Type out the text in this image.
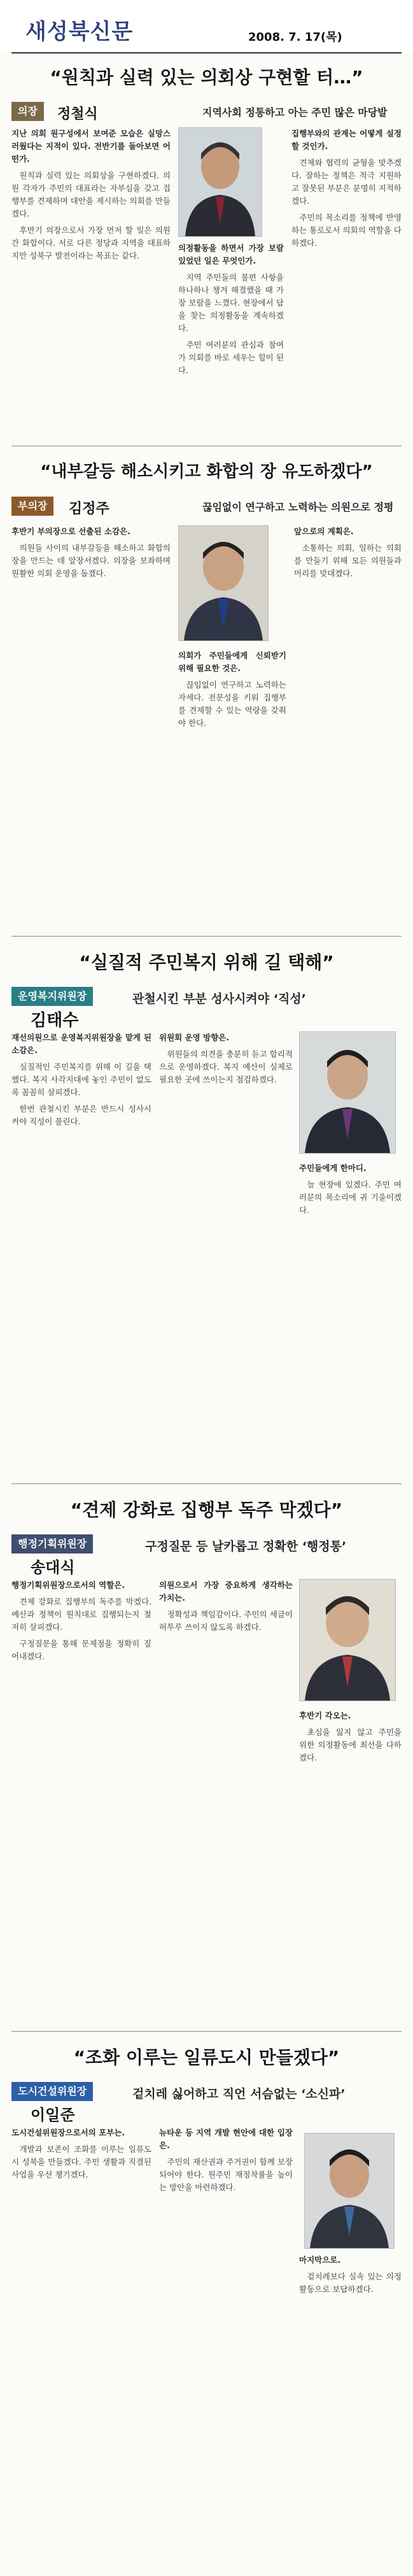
새성북신문	2008. 7. 17(목)
“원칙과 실력 있는 의회상 구현할 터…”
의장	정철식	지역사회 정통하고 아는 주민 많은 마당발

지난 의회 원구성에서 보여준 모습은 실망스러웠다는 지적이 있다. 전반기를 돌아보면 어떤가.

원칙과 실력 있는 의회상을 구현하겠다. 의원 각자가 주민의 대표라는 자부심을 갖고 집행부를 견제하며 대안을 제시하는 의회를 만들겠다.

후반기 의장으로서 가장 먼저 할 일은 의원간 화합이다. 서로 다른 정당과 지역을 대표하지만 성북구 발전이라는 목표는 같다.

의정활동을 하면서 가장 보람 있었던 일은 무엇인가.

지역 주민들의 불편 사항을 하나하나 챙겨 해결했을 때 가장 보람을 느꼈다. 현장에서 답을 찾는 의정활동을 계속하겠다.

주민 여러분의 관심과 참여가 의회를 바로 세우는 힘이 된다.

집행부와의 관계는 어떻게 설정할 것인가.

견제와 협력의 균형을 맞추겠다. 잘하는 정책은 적극 지원하고 잘못된 부분은 분명히 지적하겠다.

주민의 목소리를 정책에 반영하는 통로로서 의회의 역할을 다하겠다.

“내부갈등 해소시키고 화합의 장 유도하겠다”
부의장	김정주	끊임없이 연구하고 노력하는 의원으로 정평

후반기 부의장으로 선출된 소감은.

의원들 사이의 내부갈등을 해소하고 화합의 장을 만드는 데 앞장서겠다. 의장을 보좌하며 원활한 의회 운영을 돕겠다.

의회가 주민들에게 신뢰받기 위해 필요한 것은.

끊임없이 연구하고 노력하는 자세다. 전문성을 키워 집행부를 견제할 수 있는 역량을 갖춰야 한다.

앞으로의 계획은.

소통하는 의회, 일하는 의회를 만들기 위해 모든 의원들과 머리를 맞대겠다.

“실질적 주민복지 위해 길 택해”
운영복지위원장
김태수
관철시킨 부분 성사시켜야 ‘직성’

재선의원으로 운영복지위원장을 맡게 된 소감은.

실질적인 주민복지를 위해 이 길을 택했다. 복지 사각지대에 놓인 주민이 없도록 꼼꼼히 살피겠다.

한번 관철시킨 부분은 반드시 성사시켜야 직성이 풀린다.

위원회 운영 방향은.

위원들의 의견을 충분히 듣고 합리적으로 운영하겠다. 복지 예산이 실제로 필요한 곳에 쓰이는지 점검하겠다.

주민들에게 한마디.

늘 현장에 있겠다. 주민 여러분의 목소리에 귀 기울이겠다.

“견제 강화로 집행부 독주 막겠다”
행정기획위원장
송대식
구정질문 등 날카롭고 정확한 ‘행정통’

행정기획위원장으로서의 역할은.

견제 강화로 집행부의 독주를 막겠다. 예산과 정책이 원칙대로 집행되는지 철저히 살피겠다.

구정질문을 통해 문제점을 정확히 짚어내겠다.

의원으로서 가장 중요하게 생각하는 가치는.

정확성과 책임감이다. 주민의 세금이 허투루 쓰이지 않도록 하겠다.

후반기 각오는.

초심을 잃지 않고 주민을 위한 의정활동에 최선을 다하겠다.

“조화 이루는 일류도시 만들겠다”
도시건설위원장
이일준
겉치레 싫어하고 직언 서슴없는 ‘소신파’

도시건설위원장으로서의 포부는.

개발과 보존이 조화를 이루는 일류도시 성북을 만들겠다. 주민 생활과 직결된 사업을 우선 챙기겠다.

뉴타운 등 지역 개발 현안에 대한 입장은.

주민의 재산권과 주거권이 함께 보장되어야 한다. 원주민 재정착률을 높이는 방안을 마련하겠다.

마지막으로.

겉치레보다 실속 있는 의정활동으로 보답하겠다.
